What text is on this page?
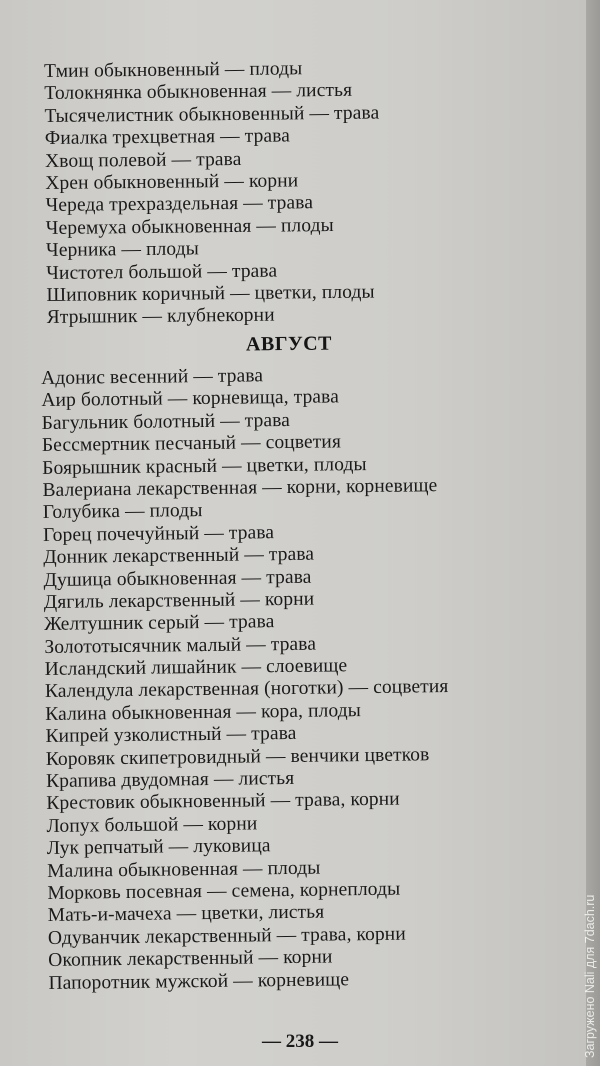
Тмин обыкновенный — плоды
Толокнянка обыкновенная — листья
Тысячелистник обыкновенный — трава
Фиалка трехцветная — трава
Хвощ полевой — трава
Хрен обыкновенный — корни
Череда трехраздельная — трава
Черемуха обыкновенная — плоды
Черника — плоды
Чистотел большой — трава
Шиповник коричный — цветки, плоды
Ятрышник — клубнекорни
АВГУСТ
Адонис весенний — трава
Аир болотный — корневища, трава
Багульник болотный — трава
Бессмертник песчаный — соцветия
Боярышник красный — цветки, плоды
Валериана лекарственная — корни, корневище
Голубика — плоды
Горец почечуйный — трава
Донник лекарственный — трава
Душица обыкновенная — трава
Дягиль лекарственный — корни
Желтушник серый — трава
Золототысячник малый — трава
Исландский лишайник — слоевище
Календула лекарственная (ноготки) — соцветия
Калина обыкновенная — кора, плоды
Кипрей узколистный — трава
Коровяк скипетровидный — венчики цветков
Крапива двудомная — листья
Крестовик обыкновенный — трава, корни
Лопух большой — корни
Лук репчатый — луковица
Малина обыкновенная — плоды
Морковь посевная — семена, корнеплоды
Мать-и-мачеха — цветки, листья
Одуванчик лекарственный — трава, корни
Окопник лекарственный — корни
Папоротник мужской — корневище
— 238 —	Загружено Nali для 7dach.ru
